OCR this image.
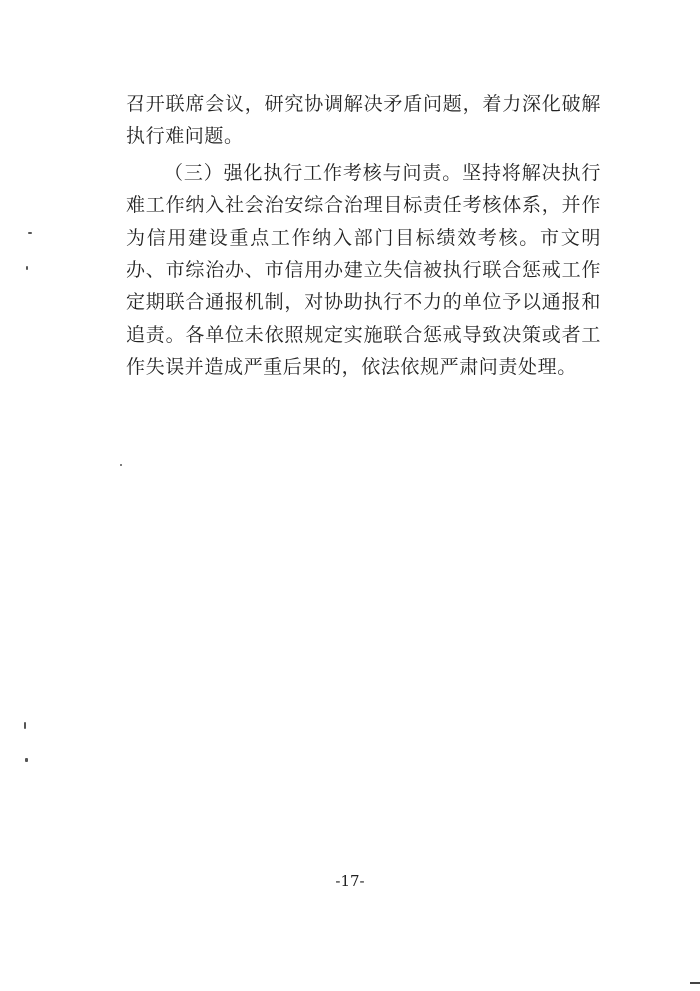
召开联席会议，研究协调解决矛盾问题，着力深化破解执行难问题。

（三）强化执行工作考核与问责。坚持将解决执行难工作纳入社会治安综合治理目标责任考核体系，并作为信用建设重点工作纳入部门目标绩效考核。市文明办、市综治办、市信用办建立失信被执行联合惩戒工作定期联合通报机制，对协助执行不力的单位予以通报和追责。各单位未依照规定实施联合惩戒导致决策或者工作失误并造成严重后果的，依法依规严肃问责处理。

-17-
